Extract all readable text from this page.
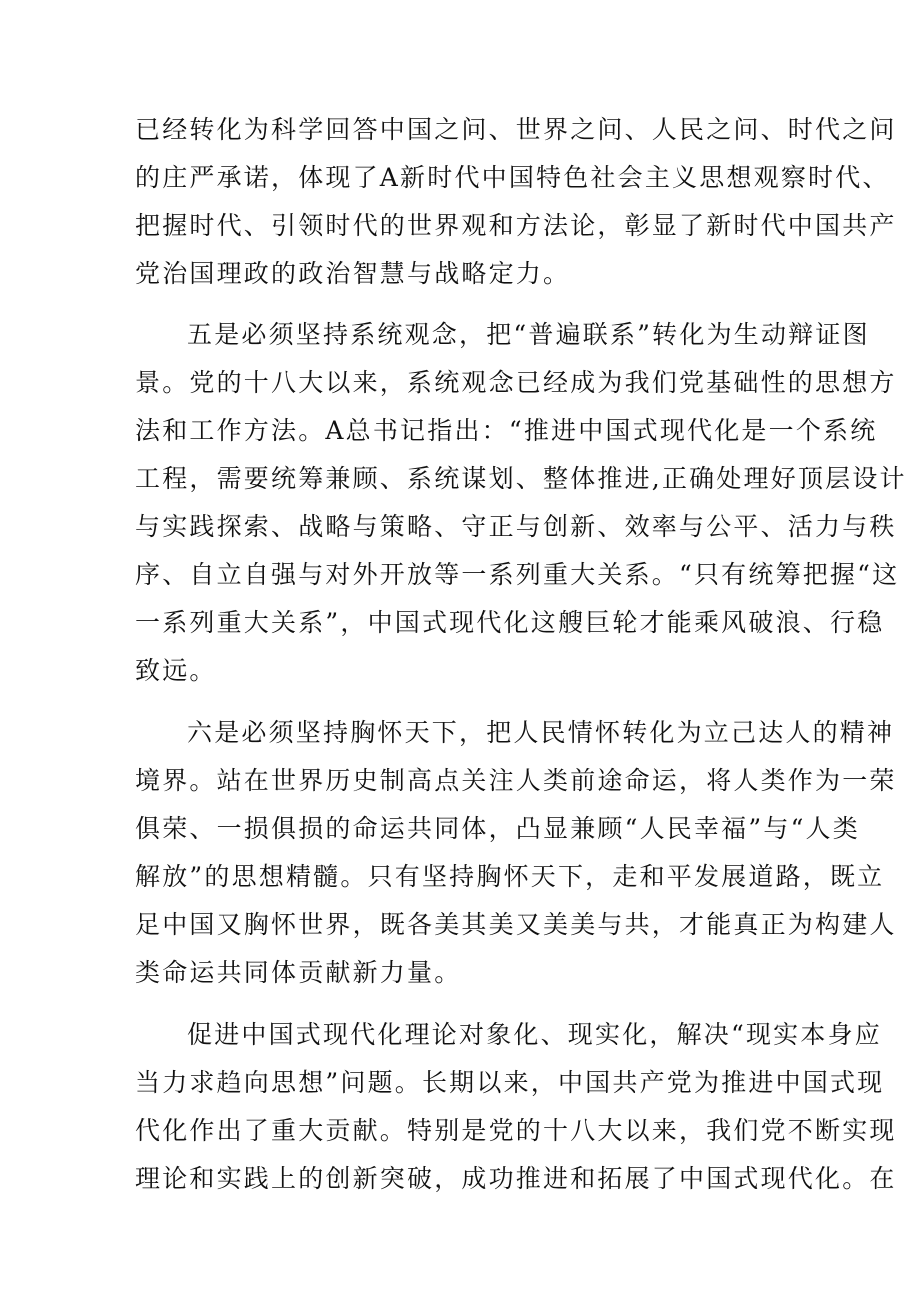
已经转化为科学回答中国之问、世界之问、人民之问、时代之问
的庄严承诺，体现了A新时代中国特色社会主义思想观察时代、
把握时代、引领时代的世界观和方法论，彰显了新时代中国共产
党治国理政的政治智慧与战略定力。
五是必须坚持系统观念，把“普遍联系”转化为生动辩证图
景。党的十八大以来，系统观念已经成为我们党基础性的思想方
法和工作方法。A总书记指出：“推进中国式现代化是一个系统
工程，需要统筹兼顾、系统谋划、整体推进,正确处理好顶层设计
与实践探索、战略与策略、守正与创新、效率与公平、活力与秩
序、自立自强与对外开放等一系列重大关系。“只有统筹把握“这
一系列重大关系”，中国式现代化这艘巨轮才能乘风破浪、行稳
致远。
六是必须坚持胸怀天下，把人民情怀转化为立己达人的精神
境界。站在世界历史制高点关注人类前途命运，将人类作为一荣
俱荣、一损俱损的命运共同体，凸显兼顾“人民幸福”与“人类
解放”的思想精髓。只有坚持胸怀天下，走和平发展道路，既立
足中国又胸怀世界，既各美其美又美美与共，才能真正为构建人
类命运共同体贡献新力量。
促进中国式现代化理论对象化、现实化，解决“现实本身应
当力求趋向思想”问题。长期以来，中国共产党为推进中国式现
代化作出了重大贡献。特别是党的十八大以来，我们党不断实现
理论和实践上的创新突破，成功推进和拓展了中国式现代化。在
